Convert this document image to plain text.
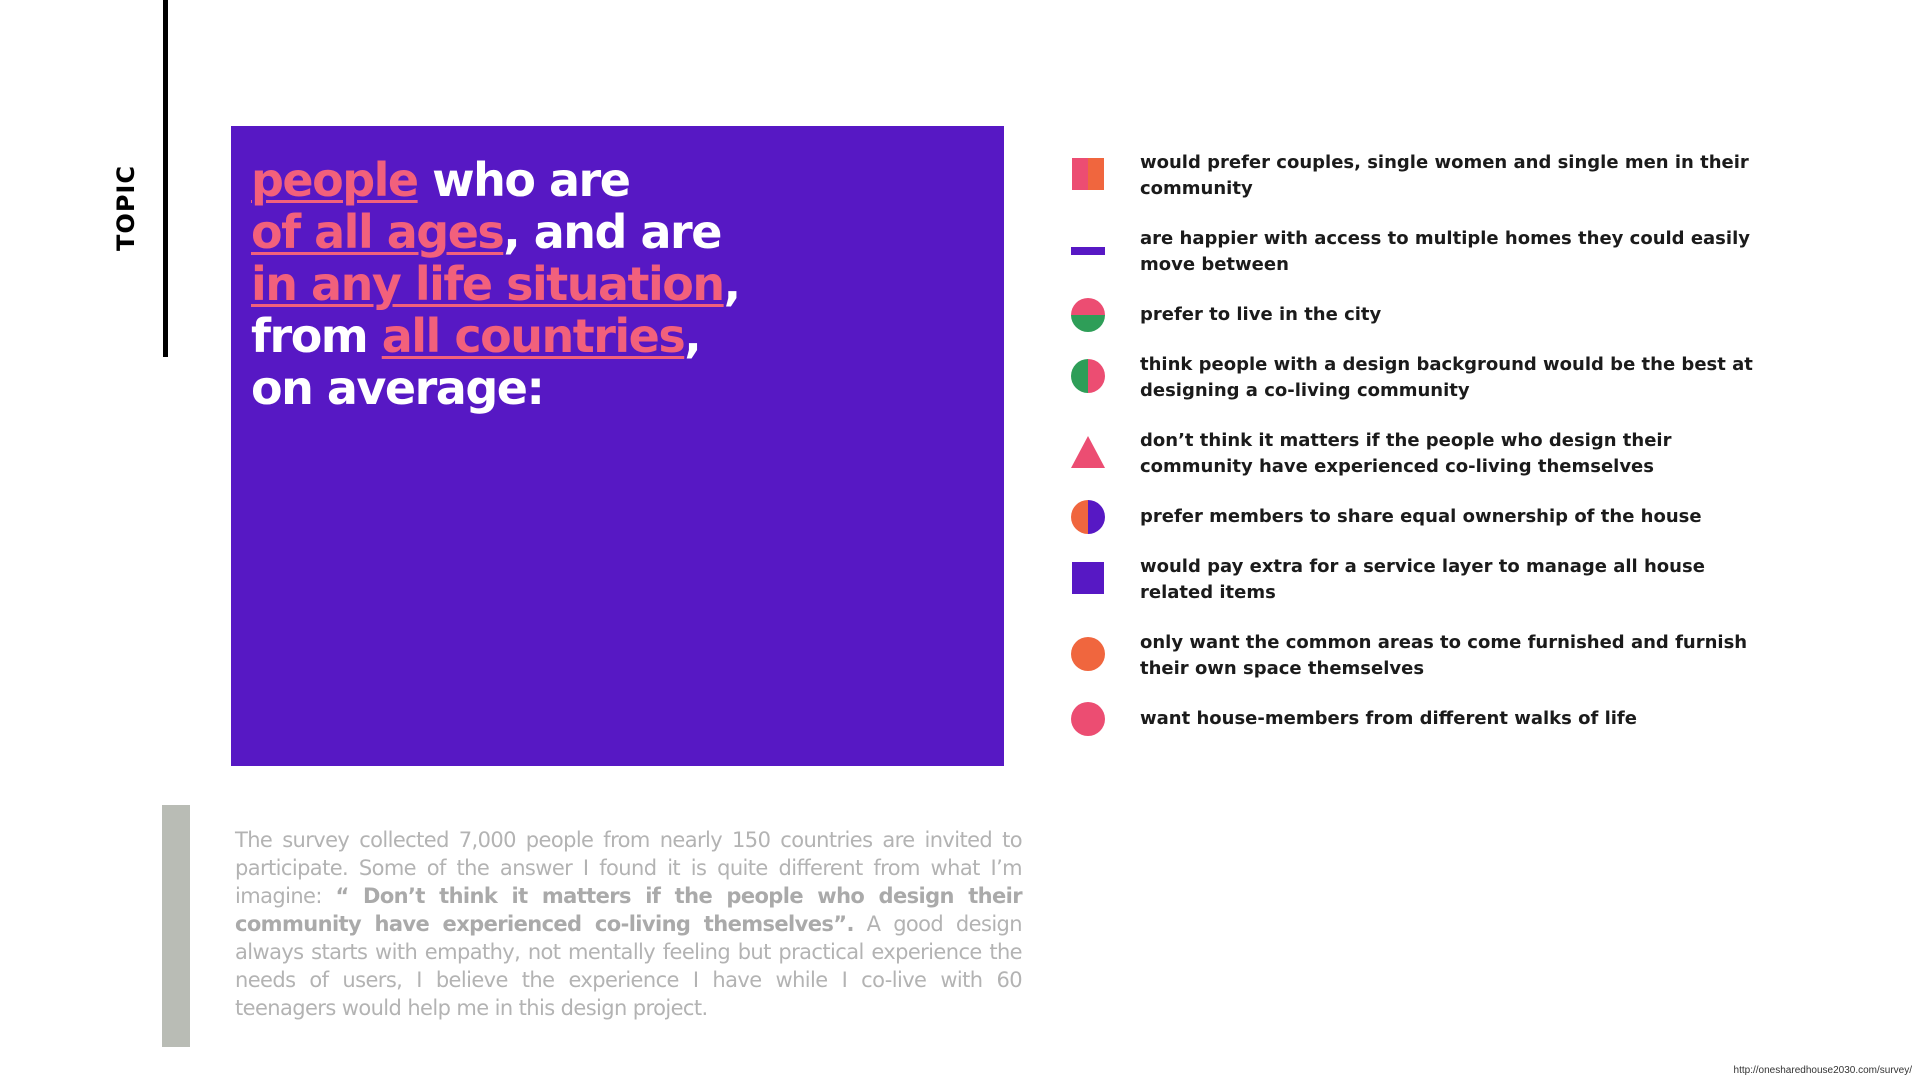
TOPIC people who are
of all ages, and are
in any life situation,
from all countries,
on average:

would prefer couples, single women and single men in their community
are happier with access to multiple homes they could easily move between
prefer to live in the city
think people with a design background would be the best at designing a co-living community
don’t think it matters if the people who design their community have experienced co-living themselves
prefer members to share equal ownership of the house
would pay extra for a service layer to manage all house related items
only want the common areas to come furnished and furnish their own space themselves
want house-members from different walks of life

The survey collected 7,000 people from nearly 150 countries are invited to participate. Some of the answer I found it is quite different from what I’m imagine: “ Don’t think it matters if the people who design their community have experienced co-living themselves”. A good design always starts with empathy, not mentally feeling but practical experience the needs of users, I believe the experience I have while I co-live with 60 teenagers would help me in this design project.

http://onesharedhouse2030.com/survey/
